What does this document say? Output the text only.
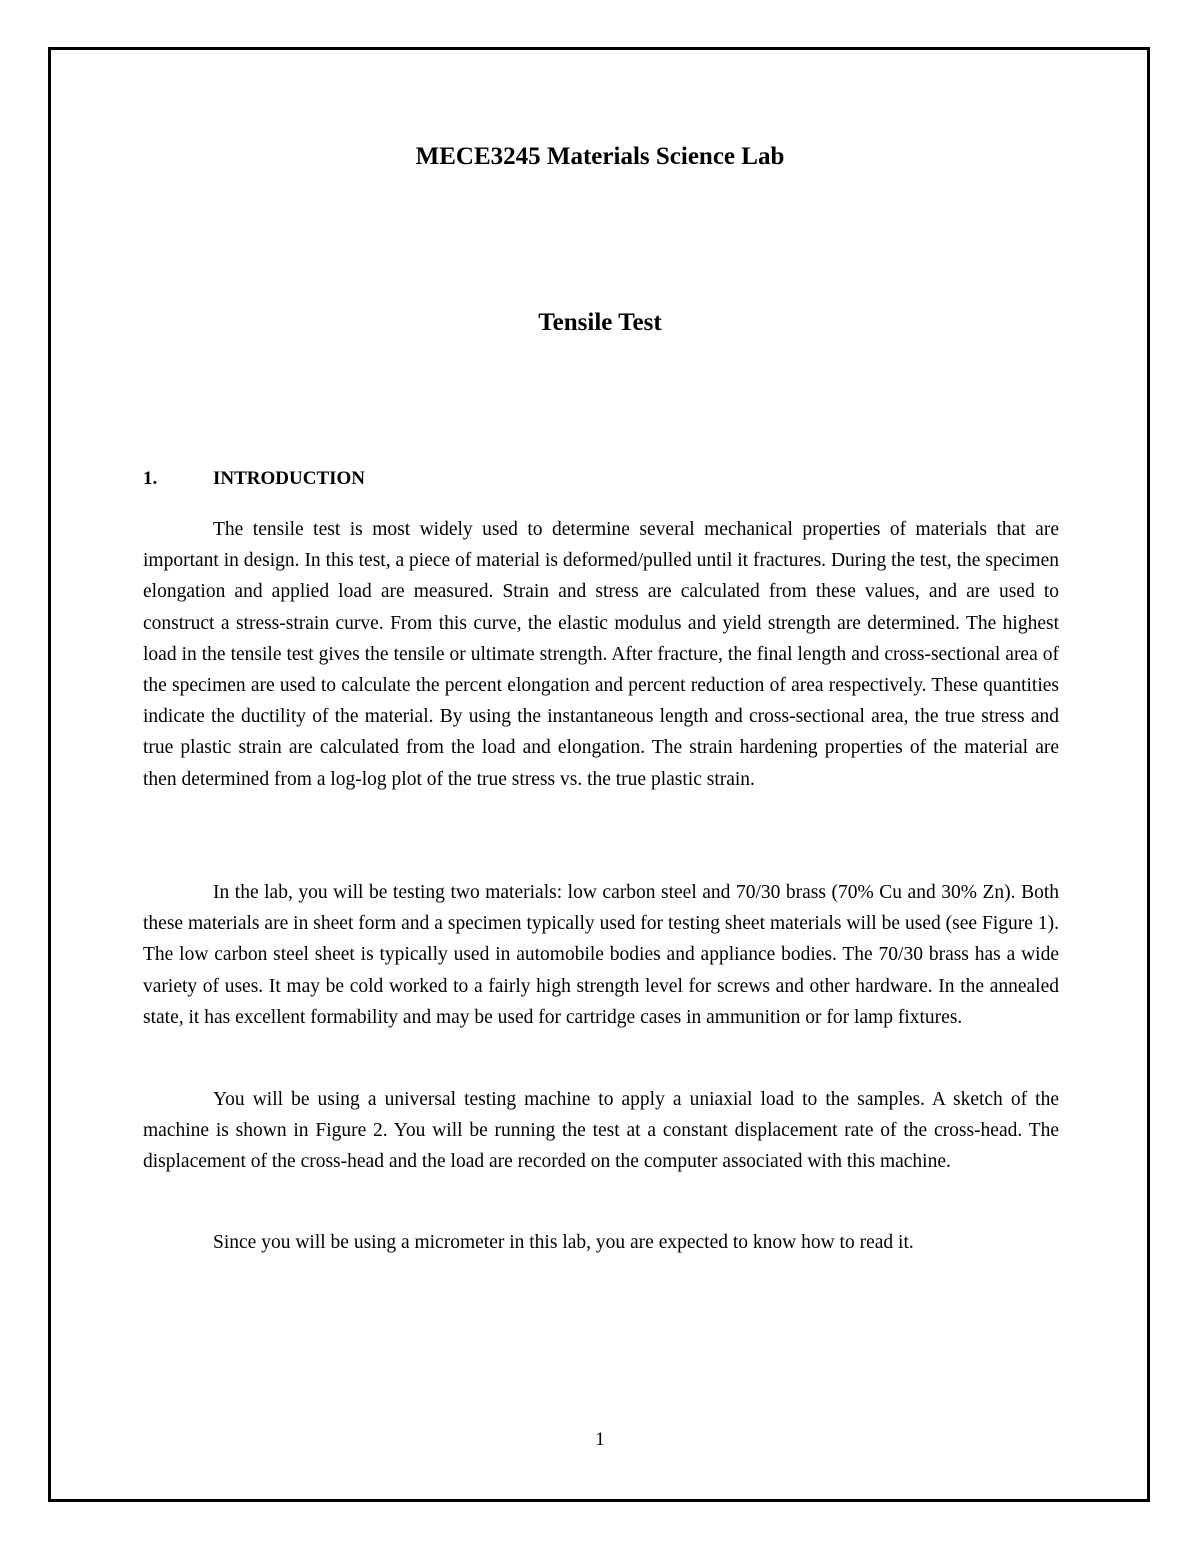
MECE3245 Materials Science Lab
Tensile Test
1.	INTRODUCTION

The tensile test is most widely used to determine several mechanical properties of materials that are important in design. In this test, a piece of material is deformed/pulled until it fractures. During the test, the specimen elongation and applied load are measured. Strain and stress are calculated from these values, and are used to construct a stress-strain curve. From this curve, the elastic modulus and yield strength are determined. The highest load in the tensile test gives the tensile or ultimate strength. After fracture, the final length and cross-sectional area of the specimen are used to calculate the percent elongation and percent reduction of area respectively. These quantities indicate the ductility of the material. By using the instantaneous length and cross-sectional area, the true stress and true plastic strain are calculated from the load and elongation. The strain hardening properties of the material are then determined from a log-log plot of the true stress vs. the true plastic strain.

In the lab, you will be testing two materials: low carbon steel and 70/30 brass (70% Cu and 30% Zn). Both these materials are in sheet form and a specimen typically used for testing sheet materials will be used (see Figure 1). The low carbon steel sheet is typically used in automobile bodies and appliance bodies. The 70/30 brass has a wide variety of uses. It may be cold worked to a fairly high strength level for screws and other hardware. In the annealed state, it has excellent formability and may be used for cartridge cases in ammunition or for lamp fixtures.

You will be using a universal testing machine to apply a uniaxial load to the samples. A sketch of the machine is shown in Figure 2. You will be running the test at a constant displacement rate of the cross-head. The displacement of the cross-head and the load are recorded on the computer associated with this machine.

Since you will be using a micrometer in this lab, you are expected to know how to read it.

1
